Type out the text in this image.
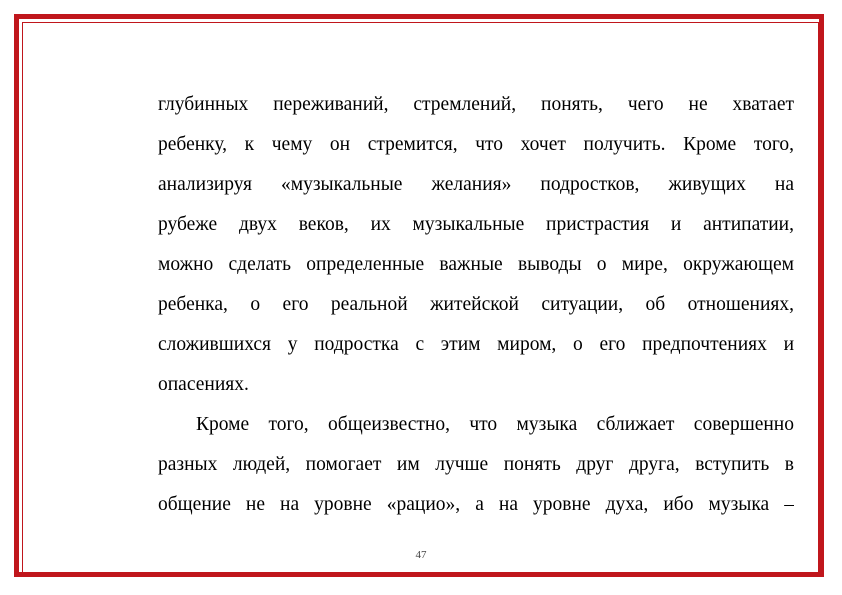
глубинных переживаний, стремлений, понять, чего не хватает
ребенку, к чему он стремится, что хочет получить. Кроме того,
анализируя «музыкальные желания» подростков, живущих на
рубеже двух веков, их музыкальные пристрастия и антипатии,
можно сделать определенные важные выводы о мире, окружающем
ребенка, о его реальной житейской ситуации, об отношениях,
сложившихся у подростка с этим миром, о его предпочтениях и
опасениях.
Кроме того, общеизвестно, что музыка сближает совершенно
разных людей, помогает им лучше понять друг друга, вступить в
общение не на уровне «рацио», а на уровне духа, ибо музыка –
47
